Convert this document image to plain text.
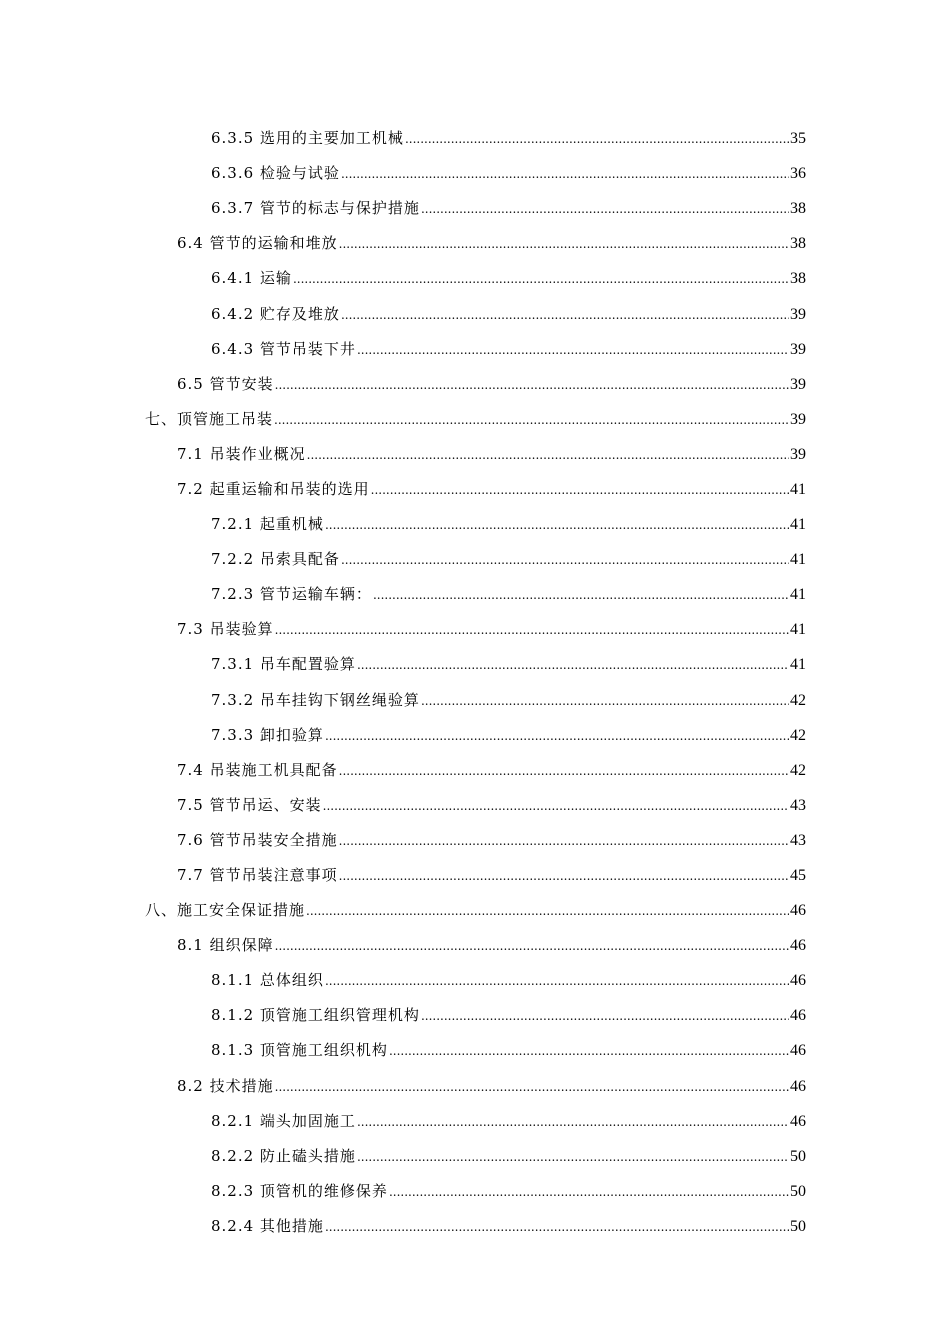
6.3.5 选用的主要加工机械 .....	35
6.3.6 检验与试验 .....	36
6.3.7 管节的标志与保护措施 .....	38
6.4 管节的运输和堆放 .....	38
6.4.1 运输 .....	38
6.4.2 贮存及堆放 .....	39
6.4.3 管节吊装下井 .....	39
6.5 管节安装 .....	39
七、顶管施工吊装 .....	39
7.1 吊装作业概况 .....	39
7.2 起重运输和吊装的选用 .....	41
7.2.1 起重机械 .....	41
7.2.2 吊索具配备 .....	41
7.2.3 管节运输车辆： .....	41
7.3 吊装验算 .....	41
7.3.1 吊车配置验算 .....	41
7.3.2 吊车挂钩下钢丝绳验算 .....	42
7.3.3 卸扣验算 .....	42
7.4 吊装施工机具配备 .....	42
7.5 管节吊运、安装 .....	43
7.6 管节吊装安全措施 .....	43
7.7 管节吊装注意事项 .....	45
八、施工安全保证措施 .....	46
8.1 组织保障 .....	46
8.1.1 总体组织 .....	46
8.1.2 顶管施工组织管理机构 .....	46
8.1.3 顶管施工组织机构 .....	46
8.2 技术措施 .....	46
8.2.1 端头加固施工 .....	46
8.2.2 防止磕头措施 .....	50
8.2.3 顶管机的维修保养 .....	50
8.2.4 其他措施 .....	50
